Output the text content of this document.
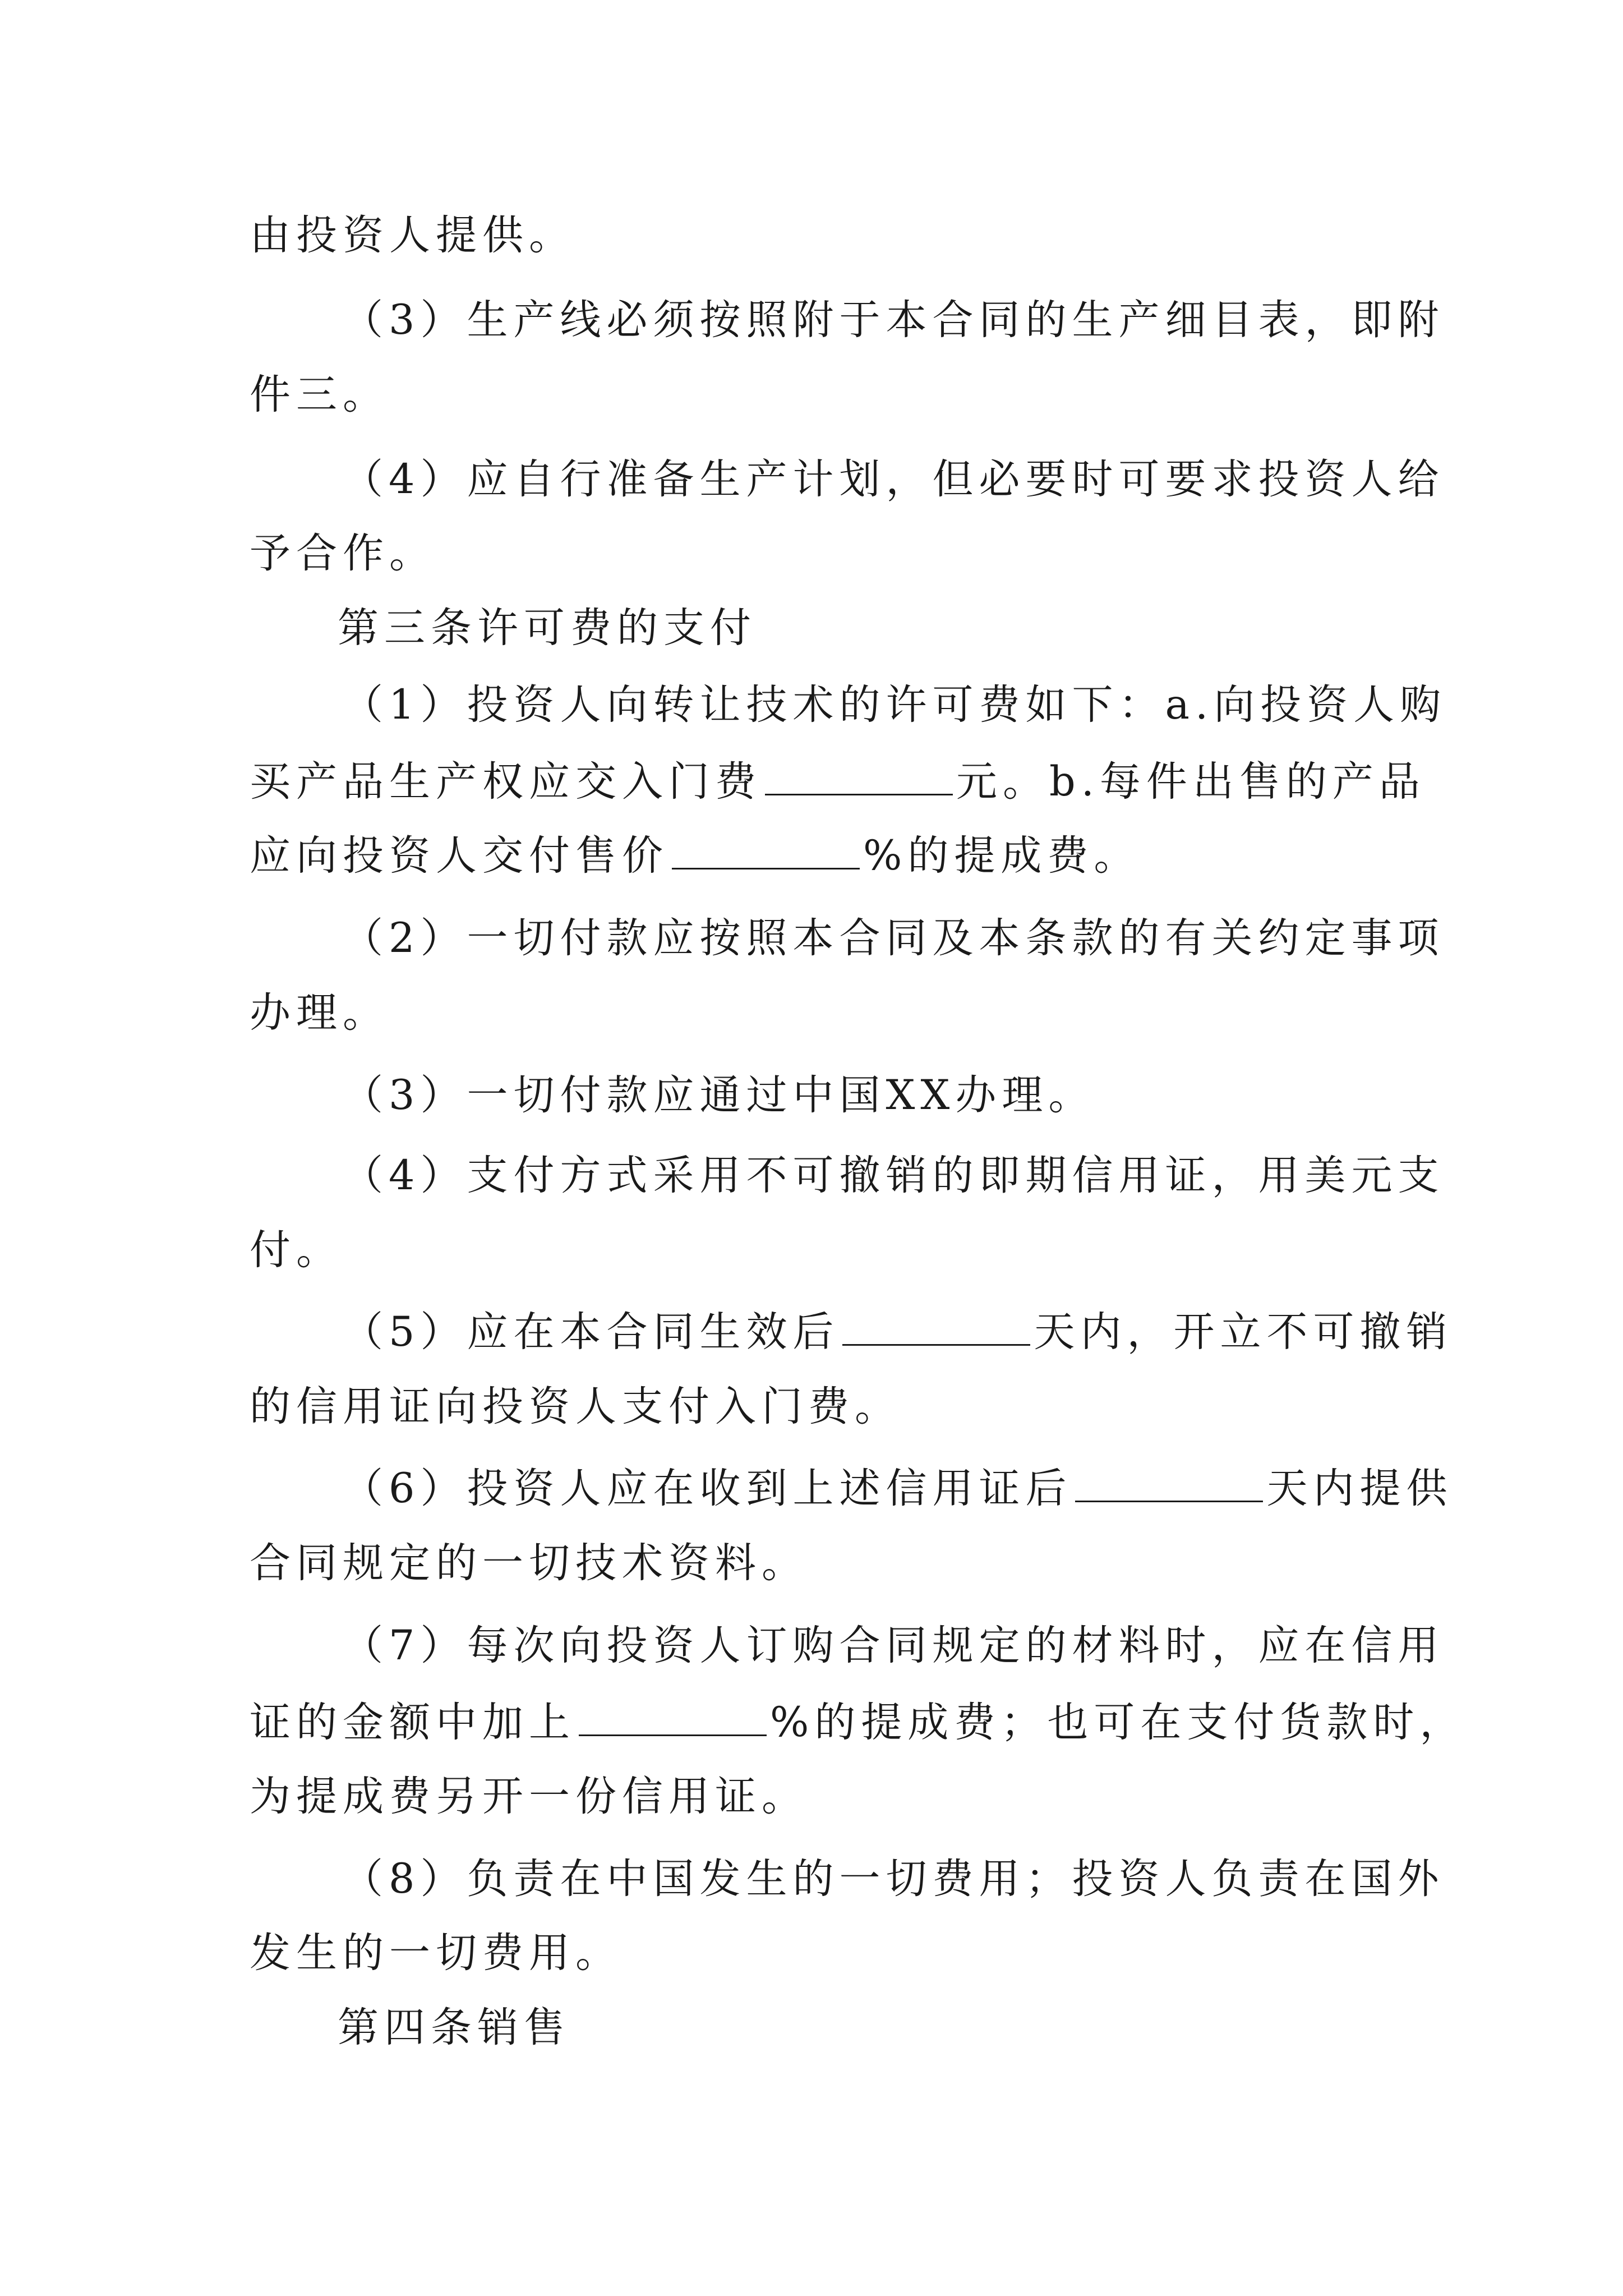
由投资人提供。
（3）生产线必须按照附于本合同的生产细目表，即附
件三。
（4）应自行准备生产计划，但必要时可要求投资人给
予合作。
第三条许可费的支付
（1）投资人向转让技术的许可费如下：a.向投资人购
买产品生产权应交入门费	元。b.每件出售的产品
应向投资人交付售价	%的提成费。
（2）一切付款应按照本合同及本条款的有关约定事项
办理。
（3）一切付款应通过中国XX办理。
（4）支付方式采用不可撤销的即期信用证，用美元支
付。
（5）应在本合同生效后	天内，开立不可撤销
的信用证向投资人支付入门费。
（6）投资人应在收到上述信用证后	天内提供
合同规定的一切技术资料。
（7）每次向投资人订购合同规定的材料时，应在信用
证的金额中加上	%的提成费；也可在支付货款时，
为提成费另开一份信用证。
（8）负责在中国发生的一切费用；投资人负责在国外
发生的一切费用。
第四条销售
